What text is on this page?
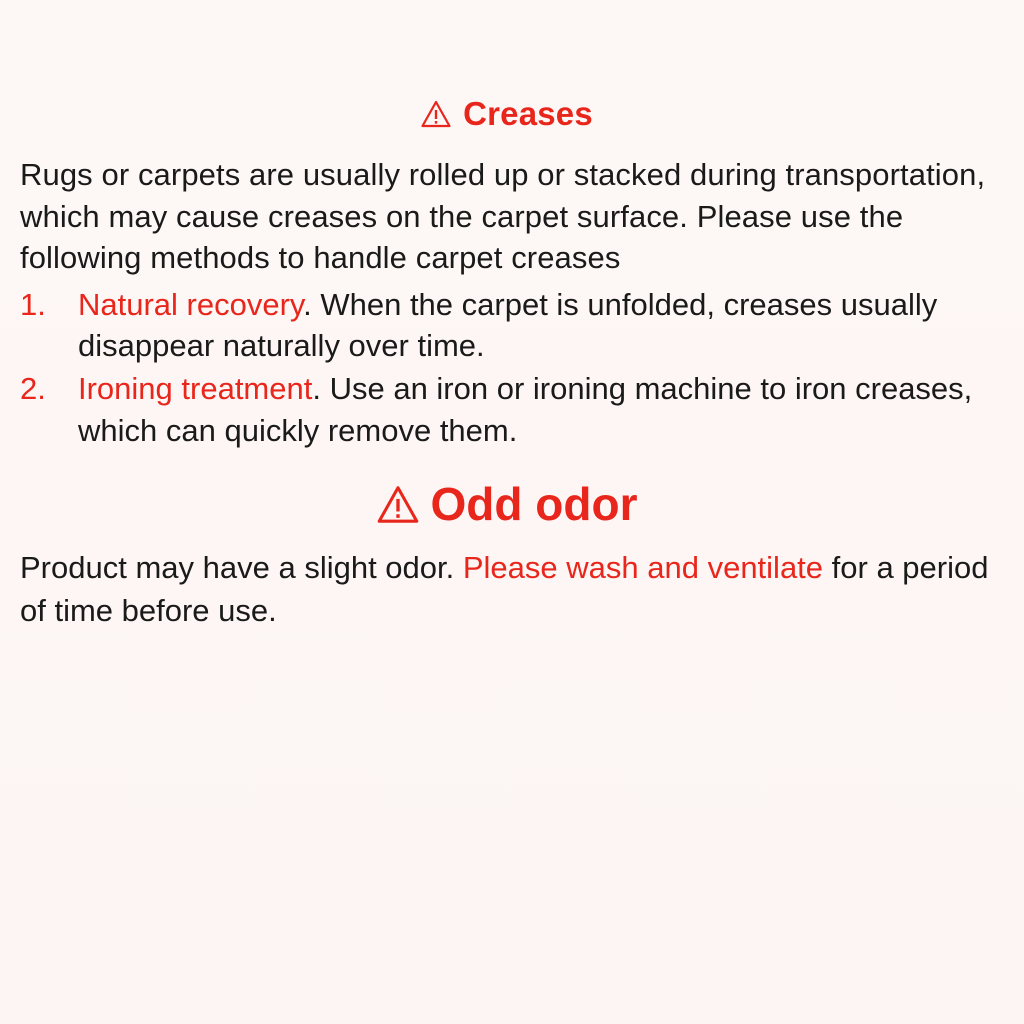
Creases

Rugs or carpets are usually rolled up or stacked during transportation, which may cause creases on the carpet surface. Please use the following methods to handle carpet creases

1.	Natural recovery. When the carpet is unfolded, creases usually disappear naturally over time.
2.	Ironing treatment. Use an iron or ironing machine to iron creases, which can quickly remove them.
Odd odor

Product may have a slight odor. Please wash and ventilate for a period of time before use.
